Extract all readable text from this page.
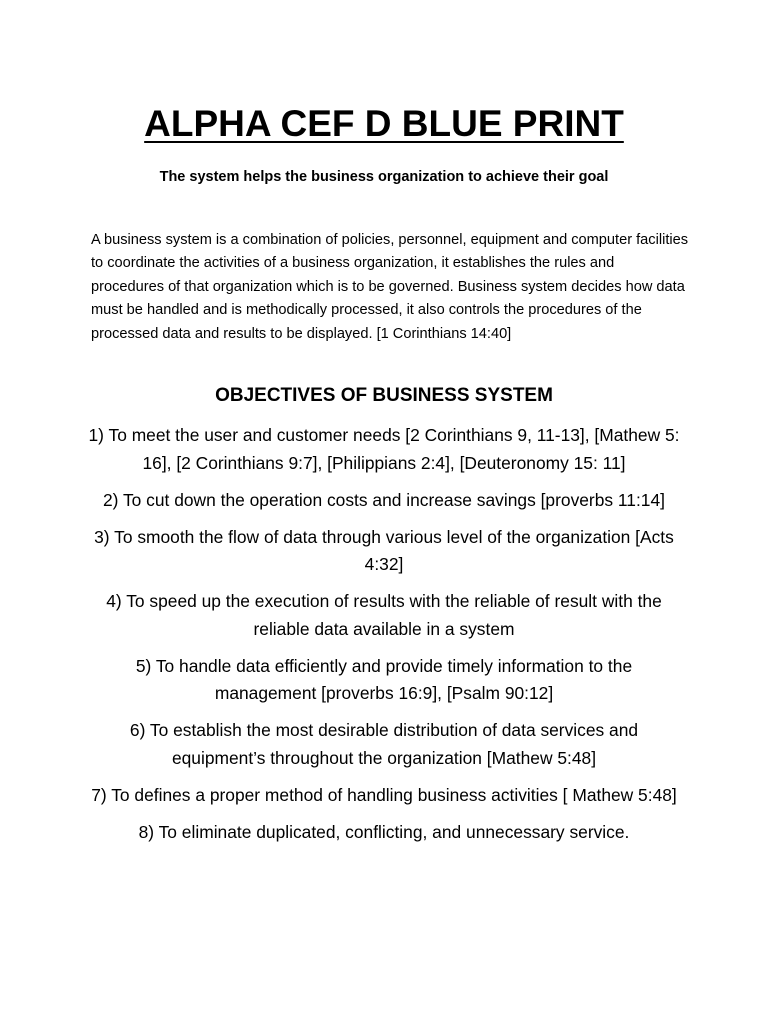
ALPHA CEF D BLUE PRINT
The system helps the business organization to achieve their goal
A business system is a combination of policies, personnel, equipment and computer facilities to coordinate the activities of a business organization, it establishes the rules and procedures of that organization which is to be governed. Business system decides how data must be handled and is methodically processed, it also controls the procedures of the processed data and results to be displayed. [1 Corinthians 14:40]
OBJECTIVES OF BUSINESS SYSTEM
1) To meet the user and customer needs [2 Corinthians 9, 11-13], [Mathew 5: 16], [2 Corinthians 9:7], [Philippians 2:4], [Deuteronomy 15: 11]
2) To cut down the operation costs and increase savings [proverbs 11:14]
3) To smooth the flow of data through various level of the organization [Acts 4:32]
4) To speed up the execution of results with the reliable of result with the reliable data available in a system
5) To handle data efficiently and provide timely information to the management [proverbs 16:9], [Psalm 90:12]
6) To establish the most desirable distribution of data services and equipment’s throughout the organization [Mathew 5:48]
7) To defines a proper method of handling business activities [ Mathew 5:48]
8) To eliminate duplicated, conflicting, and unnecessary service.
